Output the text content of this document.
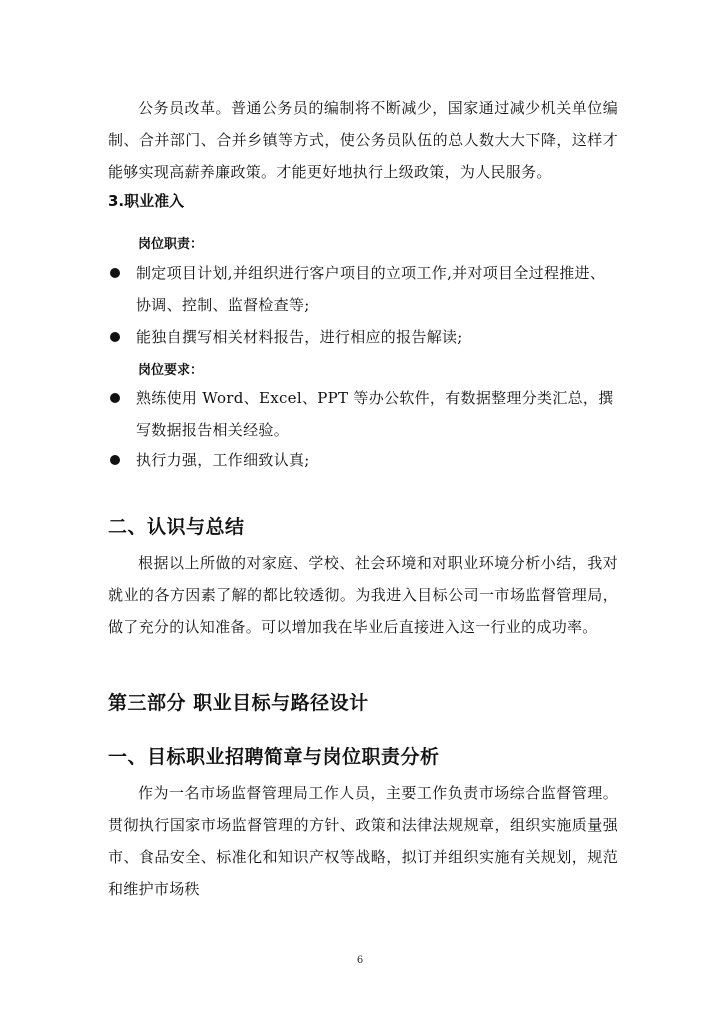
公务员改革。普通公务员的编制将不断减少，国家通过减少机关单位编制、合并部门、合并乡镇等方式，使公务员队伍的总人数大大下降，这样才能够实现高薪养廉政策。才能更好地执行上级政策，为人民服务。
3.职业准入
岗位职责：
制定项目计划,并组织进行客户项目的立项工作,并对项目全过程推进、协调、控制、监督检查等;
能独自撰写相关材料报告，进行相应的报告解读;
岗位要求：
熟练使用 Word、Excel、PPT 等办公软件，有数据整理分类汇总，撰写数据报告相关经验。
执行力强，工作细致认真;
二、认识与总结
根据以上所做的对家庭、学校、社会环境和对职业环境分析小结，我对就业的各方因素了解的都比较透彻。为我进入目标公司一市场监督管理局，做了充分的认知准备。可以增加我在毕业后直接进入这一行业的成功率。
第三部分 职业目标与路径设计
一、目标职业招聘简章与岗位职责分析
作为一名市场监督管理局工作人员，主要工作负责市场综合监督管理。贯彻执行国家市场监督管理的方针、政策和法律法规规章，组织实施质量强市、食品安全、标准化和知识产权等战略，拟订并组织实施有关规划，规范和维护市场秩
6
